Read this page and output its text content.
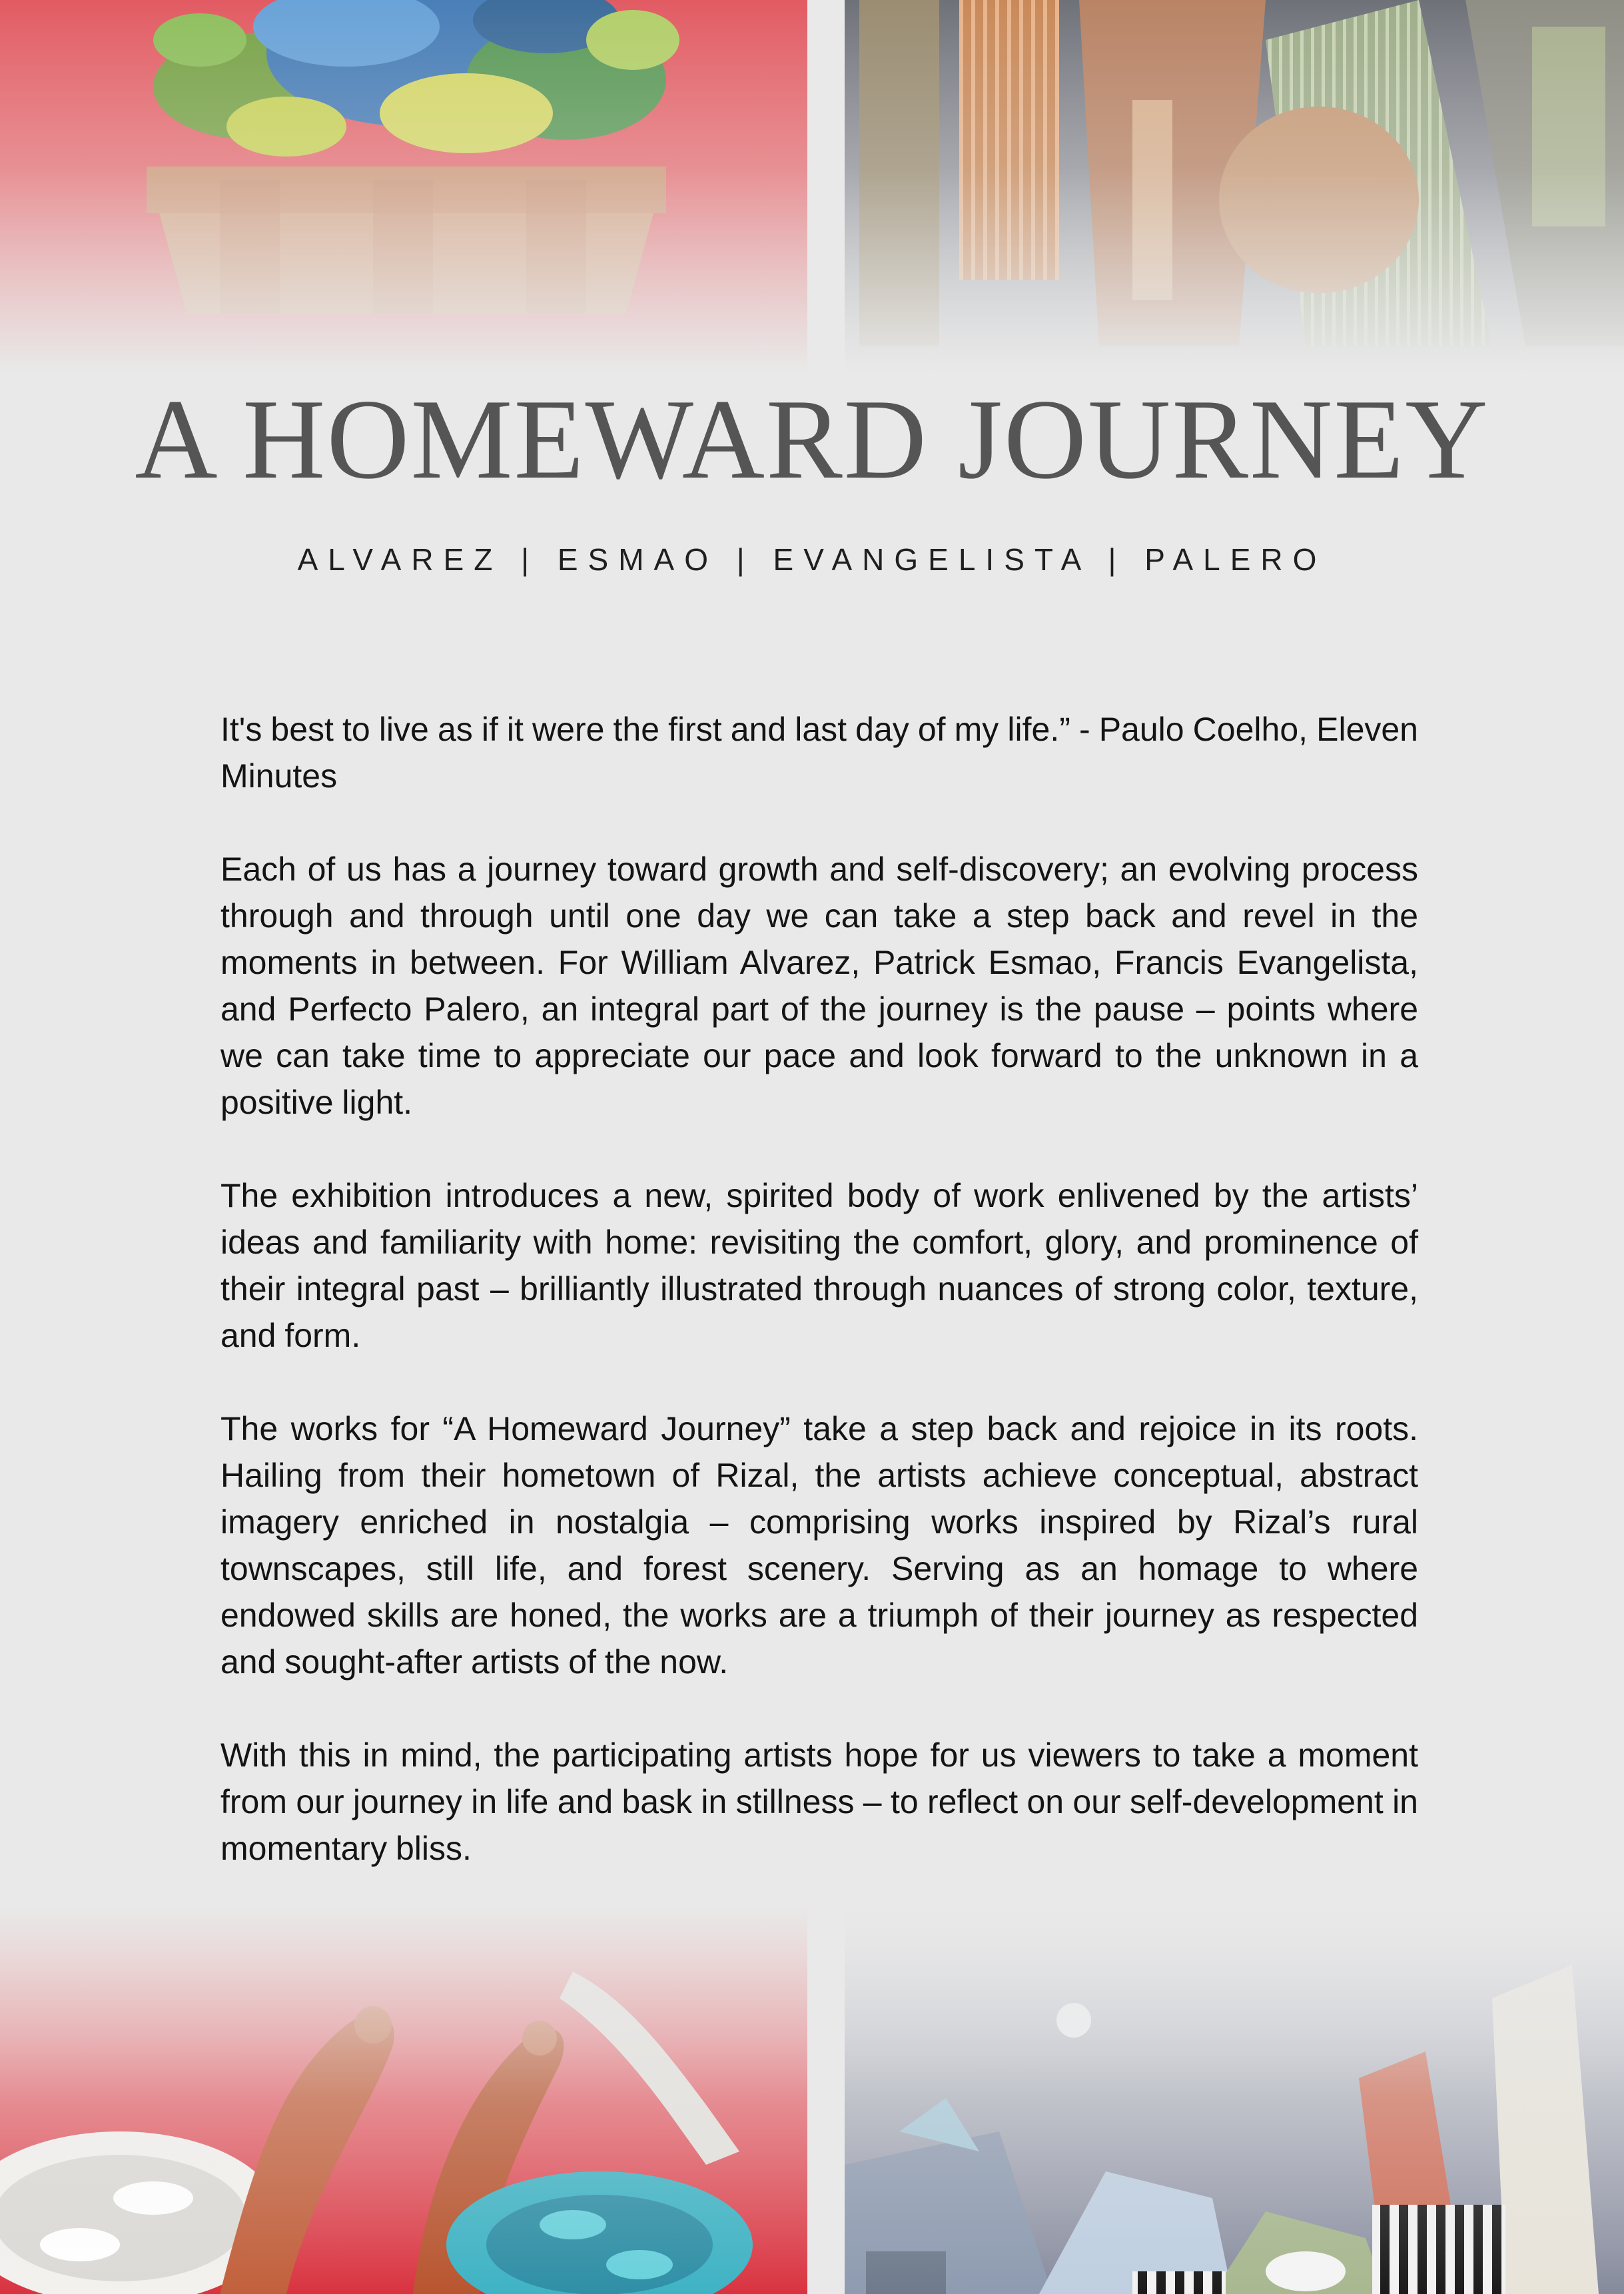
A HOMEWARD JOURNEY
ALVAREZ | ESMAO | EVANGELISTA | PALERO

It's best to live as if it were the first and last day of my life.” - Paulo Coelho, Eleven Minutes

Each of us has a journey toward growth and self-discovery; an evolving process through and through until one day we can take a step back and revel in the moments in between. For William Alvarez, Patrick Esmao, Francis Evangelista, and Perfecto Palero, an integral part of the journey is the pause – points where we can take time to appreciate our pace and look forward to the unknown in a positive light.

The exhibition introduces a new, spirited body of work enlivened by the artists’ ideas and familiarity with home: revisiting the comfort, glory, and prominence of their integral past – brilliantly illustrated through nuances of strong color, texture, and form.

The works for “A Homeward Journey” take a step back and rejoice in its roots. Hailing from their hometown of Rizal, the artists achieve conceptual, abstract imagery enriched in nostalgia – comprising works inspired by Rizal’s rural townscapes, still life, and forest scenery. Serving as an homage to where endowed skills are honed, the works are a triumph of their journey as respected and sought-after artists of the now.

With this in mind, the participating artists hope for us viewers to take a moment from our journey in life and bask in stillness – to reflect on our self-development in momentary bliss.
